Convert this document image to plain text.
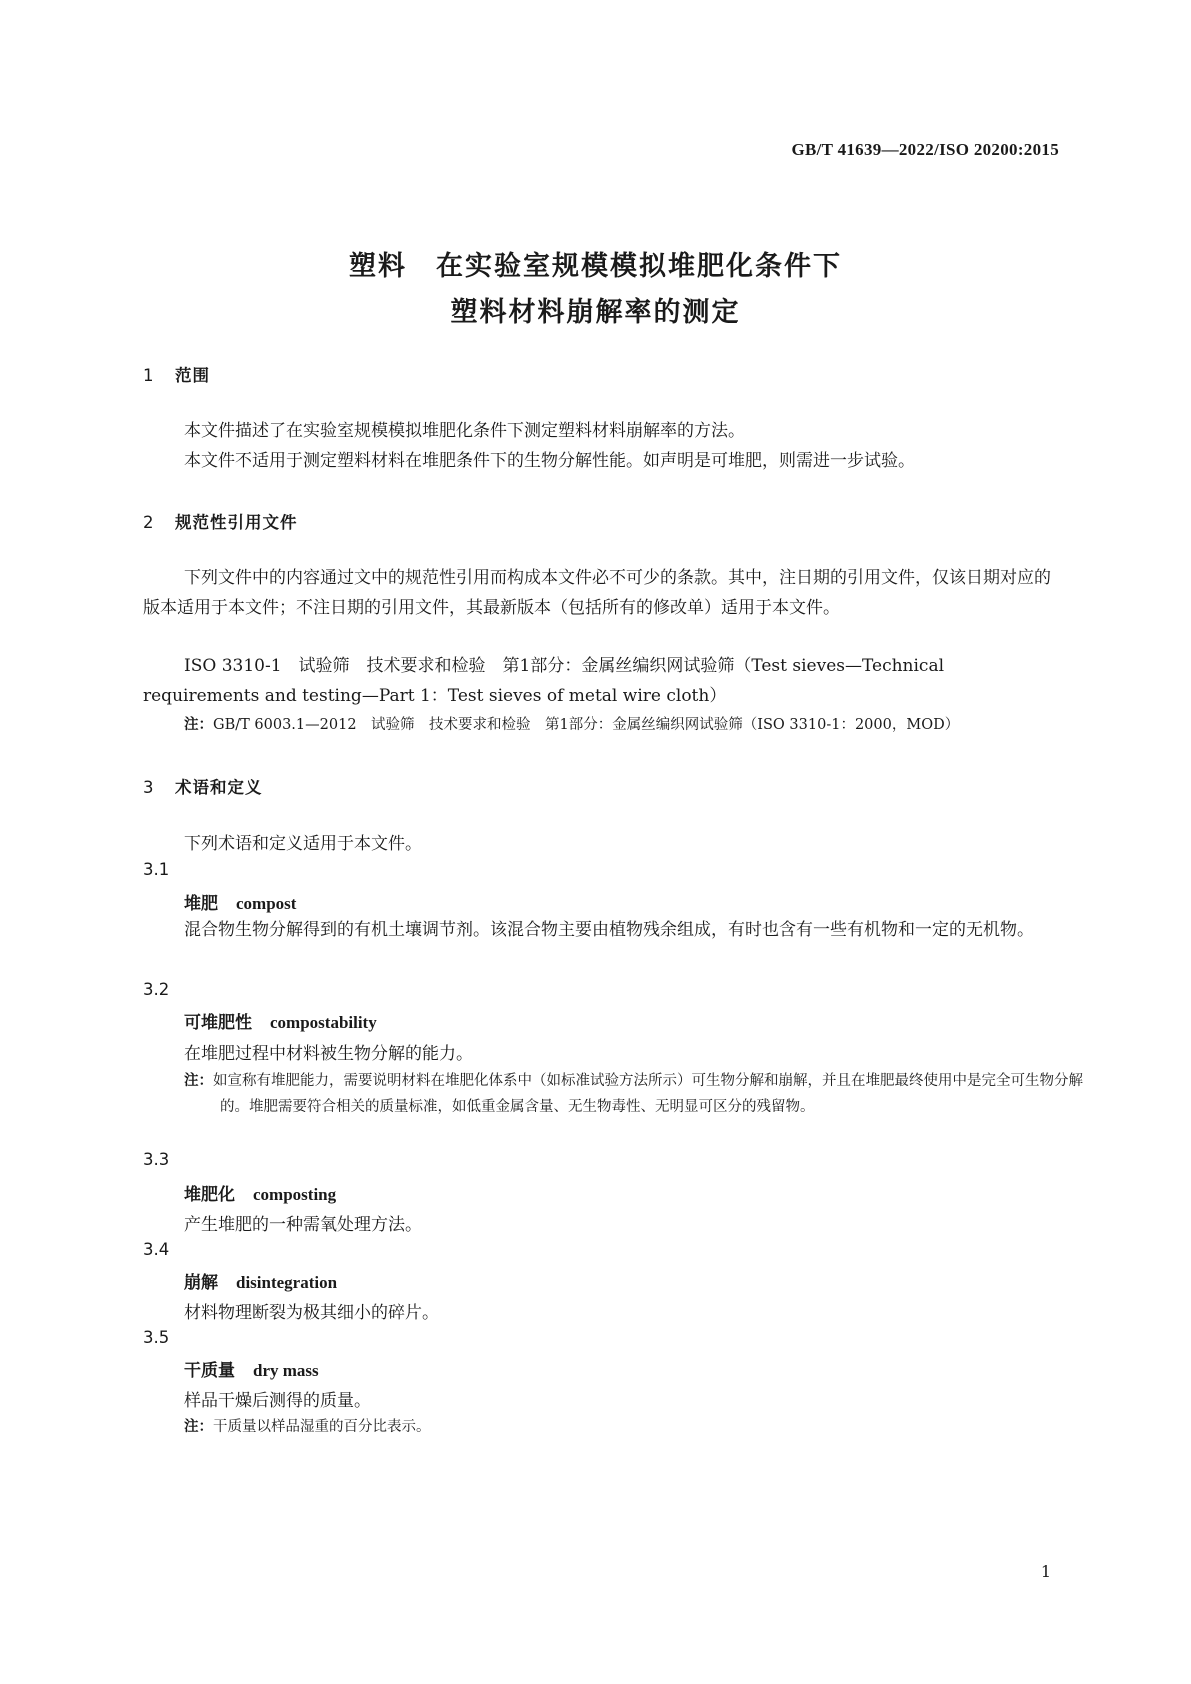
GB/T 41639—2022/ISO 20200:2015
塑料　在实验室规模模拟堆肥化条件下
塑料材料崩解率的测定
1 范围
本文件描述了在实验室规模模拟堆肥化条件下测定塑料材料崩解率的方法。
本文件不适用于测定塑料材料在堆肥条件下的生物分解性能。如声明是可堆肥，则需进一步试验。
2 规范性引用文件
下列文件中的内容通过文中的规范性引用而构成本文件必不可少的条款。其中，注日期的引用文件，仅该日期对应的版本适用于本文件；不注日期的引用文件，其最新版本（包括所有的修改单）适用于本文件。
ISO 3310-1　试验筛　技术要求和检验　第1部分：金属丝编织网试验筛（Test sieves—Technical requirements and testing—Part 1：Test sieves of metal wire cloth）
注：GB/T 6003.1—2012　试验筛　技术要求和检验　第1部分：金属丝编织网试验筛（ISO 3310-1：2000，MOD）
3 术语和定义
下列术语和定义适用于本文件。
3.1
堆肥 compost
混合物生物分解得到的有机土壤调节剂。该混合物主要由植物残余组成，有时也含有一些有机物和一定的无机物。
3.2
可堆肥性 compostability
在堆肥过程中材料被生物分解的能力。
注：如宣称有堆肥能力，需要说明材料在堆肥化体系中（如标准试验方法所示）可生物分解和崩解，并且在堆肥最终使用中是完全可生物分解的。堆肥需要符合相关的质量标准，如低重金属含量、无生物毒性、无明显可区分的残留物。
3.3
堆肥化 composting
产生堆肥的一种需氧处理方法。
3.4
崩解 disintegration
材料物理断裂为极其细小的碎片。
3.5
干质量 dry mass
样品干燥后测得的质量。
注：干质量以样品湿重的百分比表示。
1
